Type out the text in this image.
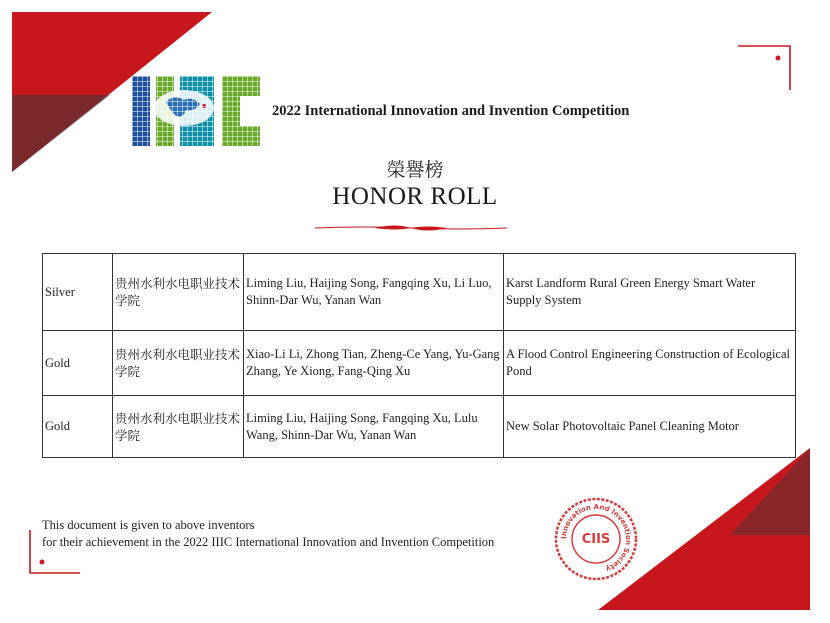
2022 International Innovation and Invention Competition
榮譽榜
HONOR ROLL
Silver	贵州水利水电职业技术学院	Liming Liu, Haijing Song, Fangqing Xu, Li Luo, Shinn-Dar Wu, Yanan Wan	Karst Landform Rural Green Energy Smart Water Supply System
Gold	贵州水利水电职业技术学院	Xiao-Li Li, Zhong Tian, Zheng-Ce Yang, Yu-Gang Zhang, Ye Xiong, Fang-Qing Xu	A Flood Control Engineering Construction of Ecological Pond
Gold	贵州水利水电职业技术学院	Liming Liu, Haijing Song, Fangqing Xu, Lulu Wang, Shinn-Dar Wu, Yanan Wan	New Solar Photovoltaic Panel Cleaning Motor
This document is given to above inventors
for their achievement in the 2022 IIIC International Innovation and Invention Competition	Innovation And Invention Society
CIIS
